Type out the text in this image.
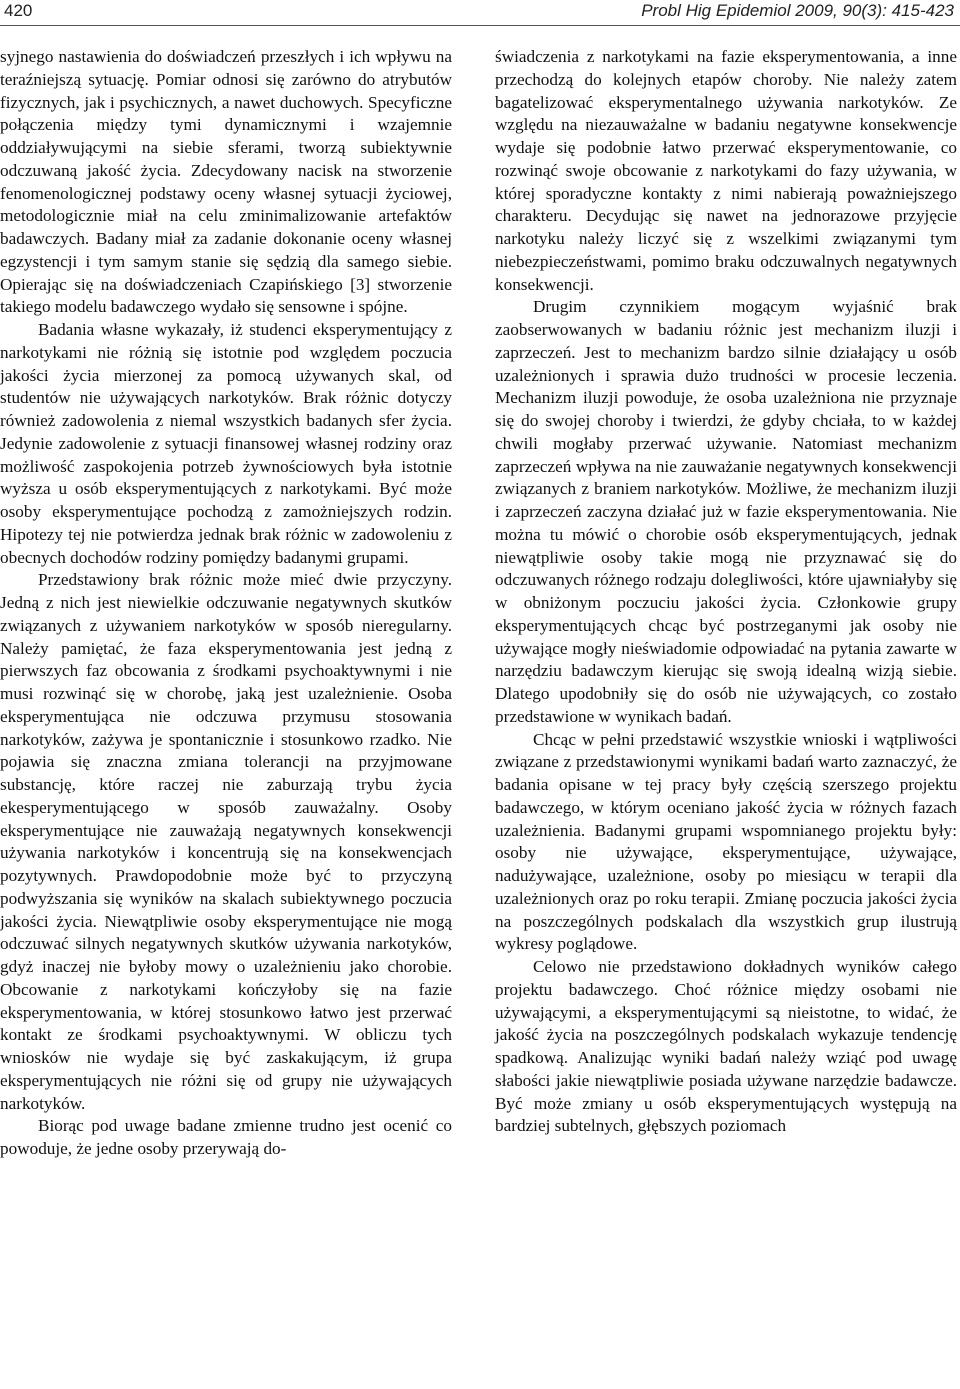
420	Probl Hig Epidemiol 2009, 90(3): 415-423

syjnego nastawienia do doświadczeń przeszłych i ich wpływu na teraźniejszą sytuację. Pomiar odnosi się zarówno do atrybutów fizycznych, jak i psychicznych, a nawet duchowych. Specyficzne połączenia między tymi dynamicznymi i wzajemnie oddziaływującymi na siebie sferami, tworzą subiektywnie odczuwaną jakość życia. Zdecydowany nacisk na stworzenie fenomenologicznej podstawy oceny własnej sytuacji życiowej, metodologicznie miał na celu zminimalizowanie artefaktów badawczych. Badany miał za zadanie dokonanie oceny własnej egzystencji i tym samym stanie się sędzią dla samego siebie. Opierając się na doświadczeniach Czapińskiego [3] stworzenie takiego modelu badawczego wydało się sensowne i spójne.

Badania własne wykazały, iż studenci eksperymentujący z narkotykami nie różnią się istotnie pod względem poczucia jakości życia mierzonej za pomocą używanych skal, od studentów nie używających narkotyków. Brak różnic dotyczy również zadowolenia z niemal wszystkich badanych sfer życia. Jedynie zadowolenie z sytuacji finansowej własnej rodziny oraz możliwość zaspokojenia potrzeb żywnościowych była istotnie wyższa u osób eksperymentujących z narkotykami. Być może osoby eksperymentujące pochodzą z zamożniejszych rodzin. Hipotezy tej nie potwierdza jednak brak różnic w zadowoleniu z obecnych dochodów rodziny pomiędzy badanymi grupami.

Przedstawiony brak różnic może mieć dwie przyczyny. Jedną z nich jest niewielkie odczuwanie negatywnych skutków związanych z używaniem narkotyków w sposób nieregularny. Należy pamiętać, że faza eksperymentowania jest jedną z pierwszych faz obcowania z środkami psychoaktywnymi i nie musi rozwinąć się w chorobę, jaką jest uzależnienie. Osoba eksperymentująca nie odczuwa przymusu stosowania narkotyków, zażywa je spontanicznie i stosunkowo rzadko. Nie pojawia się znaczna zmiana tolerancji na przyjmowane substancję, które raczej nie zaburzają trybu życia ekesperymentującego w sposób zauważalny. Osoby eksperymentujące nie zauważają negatywnych konsekwencji używania narkotyków i koncentrują się na konsekwencjach pozytywnych. Prawdopodobnie może być to przyczyną podwyższania się wyników na skalach subiektywnego poczucia jakości życia. Niewątpliwie osoby eksperymentujące nie mogą odczuwać silnych negatywnych skutków używania narkotyków, gdyż inaczej nie byłoby mowy o uzależnieniu jako chorobie. Obcowanie z narkotykami kończyłoby się na fazie eksperymentowania, w której stosunkowo łatwo jest przerwać kontakt ze środkami psychoaktywnymi. W obliczu tych wniosków nie wydaje się być zaskakującym, iż grupa eksperymentujących nie różni się od grupy nie używających narkotyków.

Biorąc pod uwage badane zmienne trudno jest ocenić co powoduje, że jedne osoby przerywają do-

świadczenia z narkotykami na fazie eksperymentowania, a inne przechodzą do kolejnych etapów choroby. Nie należy zatem bagatelizować eksperymentalnego używania narkotyków. Ze względu na niezauważalne w badaniu negatywne konsekwencje wydaje się podobnie łatwo przerwać eksperymentowanie, co rozwinąć swoje obcowanie z narkotykami do fazy używania, w której sporadyczne kontakty z nimi nabierają poważniejszego charakteru. Decydując się nawet na jednorazowe przyjęcie narkotyku należy liczyć się z wszelkimi związanymi tym niebezpieczeństwami, pomimo braku odczuwalnych negatywnych konsekwencji.

Drugim czynnikiem mogącym wyjaśnić brak zaobserwowanych w badaniu różnic jest mechanizm iluzji i zaprzeczeń. Jest to mechanizm bardzo silnie działający u osób uzależnionych i sprawia dużo trudności w procesie leczenia. Mechanizm iluzji powoduje, że osoba uzależniona nie przyznaje się do swojej choroby i twierdzi, że gdyby chciała, to w każdej chwili mogłaby przerwać używanie. Natomiast mechanizm zaprzeczeń wpływa na nie zauważanie negatywnych konsekwencji związanych z braniem narkotyków. Możliwe, że mechanizm iluzji i zaprzeczeń zaczyna działać już w fazie eksperymentowania. Nie można tu mówić o chorobie osób eksperymentujących, jednak niewątpliwie osoby takie mogą nie przyznawać się do odczuwanych różnego rodzaju dolegliwości, które ujawniałyby się w obniżonym poczuciu jakości życia. Członkowie grupy eksperymentujących chcąc być postrzeganymi jak osoby nie używające mogły nieświadomie odpowiadać na pytania zawarte w narzędziu badawczym kierując się swoją idealną wizją siebie. Dlatego upodobniły się do osób nie używających, co zostało przedstawione w wynikach badań.

Chcąc w pełni przedstawić wszystkie wnioski i wątpliwości związane z przedstawionymi wynikami badań warto zaznaczyć, że badania opisane w tej pracy były częścią szerszego projektu badawczego, w którym oceniano jakość życia w różnych fazach uzależnienia. Badanymi grupami wspomnianego projektu były: osoby nie używające, eksperymentujące, używające, nadużywające, uzależnione, osoby po miesiącu w terapii dla uzależnionych oraz po roku terapii. Zmianę poczucia jakości życia na poszczególnych podskalach dla wszystkich grup ilustrują wykresy poglądowe.

Celowo nie przedstawiono dokładnych wyników całego projektu badawczego. Choć różnice między osobami nie używającymi, a eksperymentującymi są nieistotne, to widać, że jakość życia na poszczególnych podskalach wykazuje tendencję spadkową. Analizując wyniki badań należy wziąć pod uwagę słabości jakie niewątpliwie posiada używane narzędzie badawcze. Być może zmiany u osób eksperymentujących występują na bardziej subtelnych, głębszych poziomach
